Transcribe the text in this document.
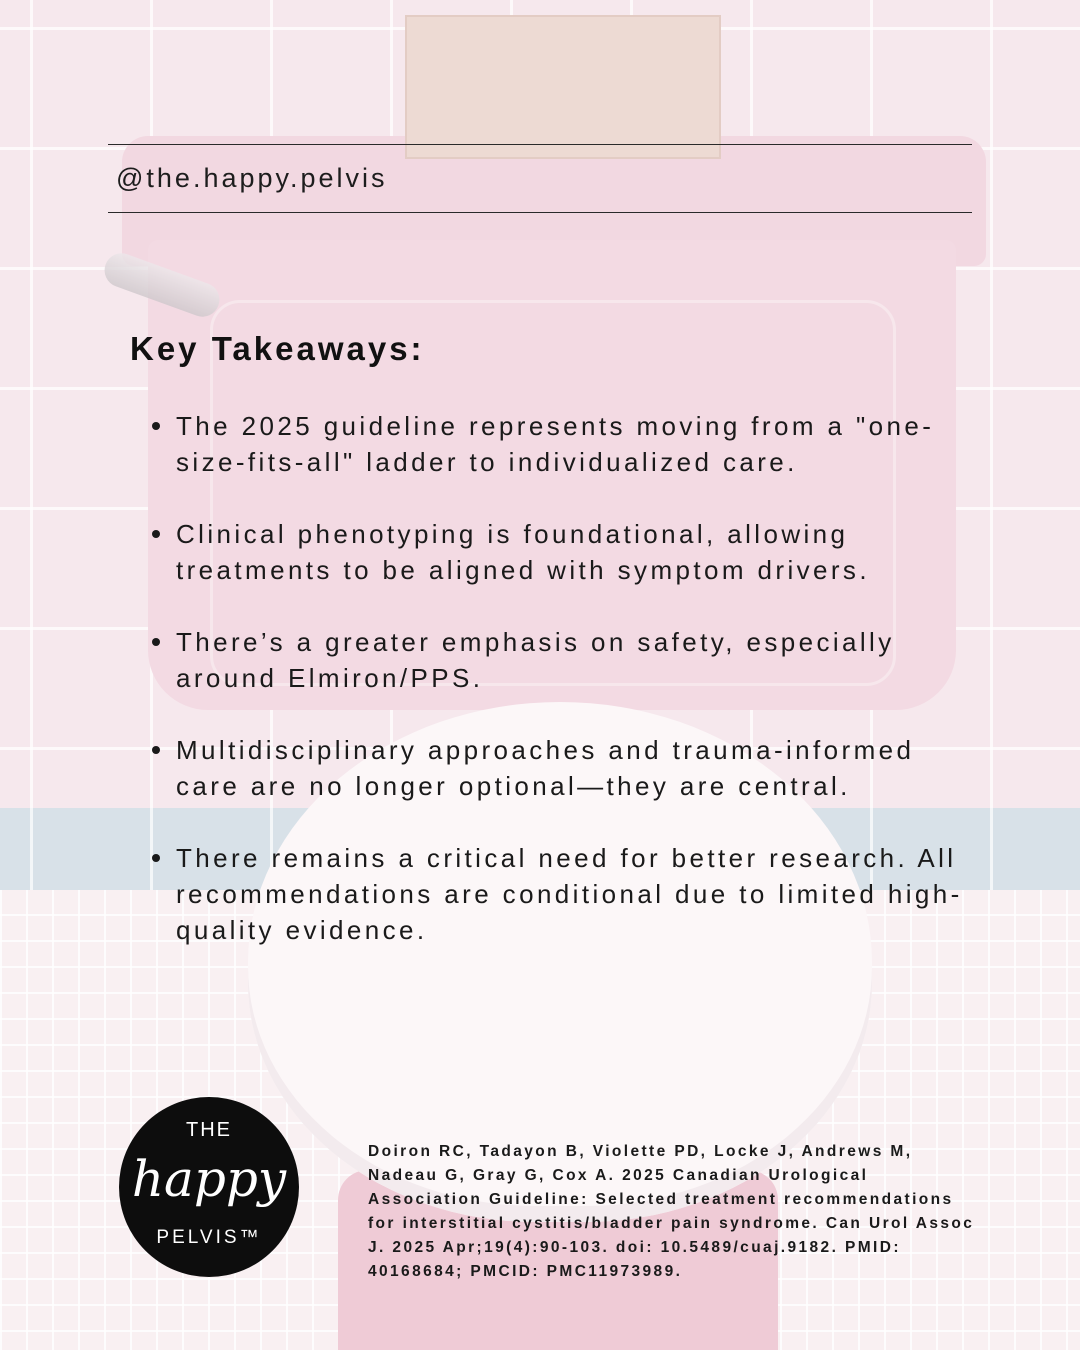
@the.happy.pelvis
Key Takeaways:
The 2025 guideline represents moving from a "one-size-fits-all" ladder to individualized care.
Clinical phenotyping is foundational, allowing treatments to be aligned with symptom drivers.
There’s a greater emphasis on safety, especially around Elmiron/PPS.
Multidisciplinary approaches and trauma-informed care are no longer optional—they are central.
There remains a critical need for better research. All recommendations are conditional due to limited high-quality evidence.
THE
happy
PELVIS™

Doiron RC, Tadayon B, Violette PD, Locke J, Andrews M, Nadeau G, Gray G, Cox A. 2025 Canadian Urological Association Guideline: Selected treatment recommendations for interstitial cystitis/bladder pain syndrome. Can Urol Assoc J. 2025 Apr;19(4):90-103. doi: 10.5489/cuaj.9182. PMID: 40168684; PMCID: PMC11973989.
